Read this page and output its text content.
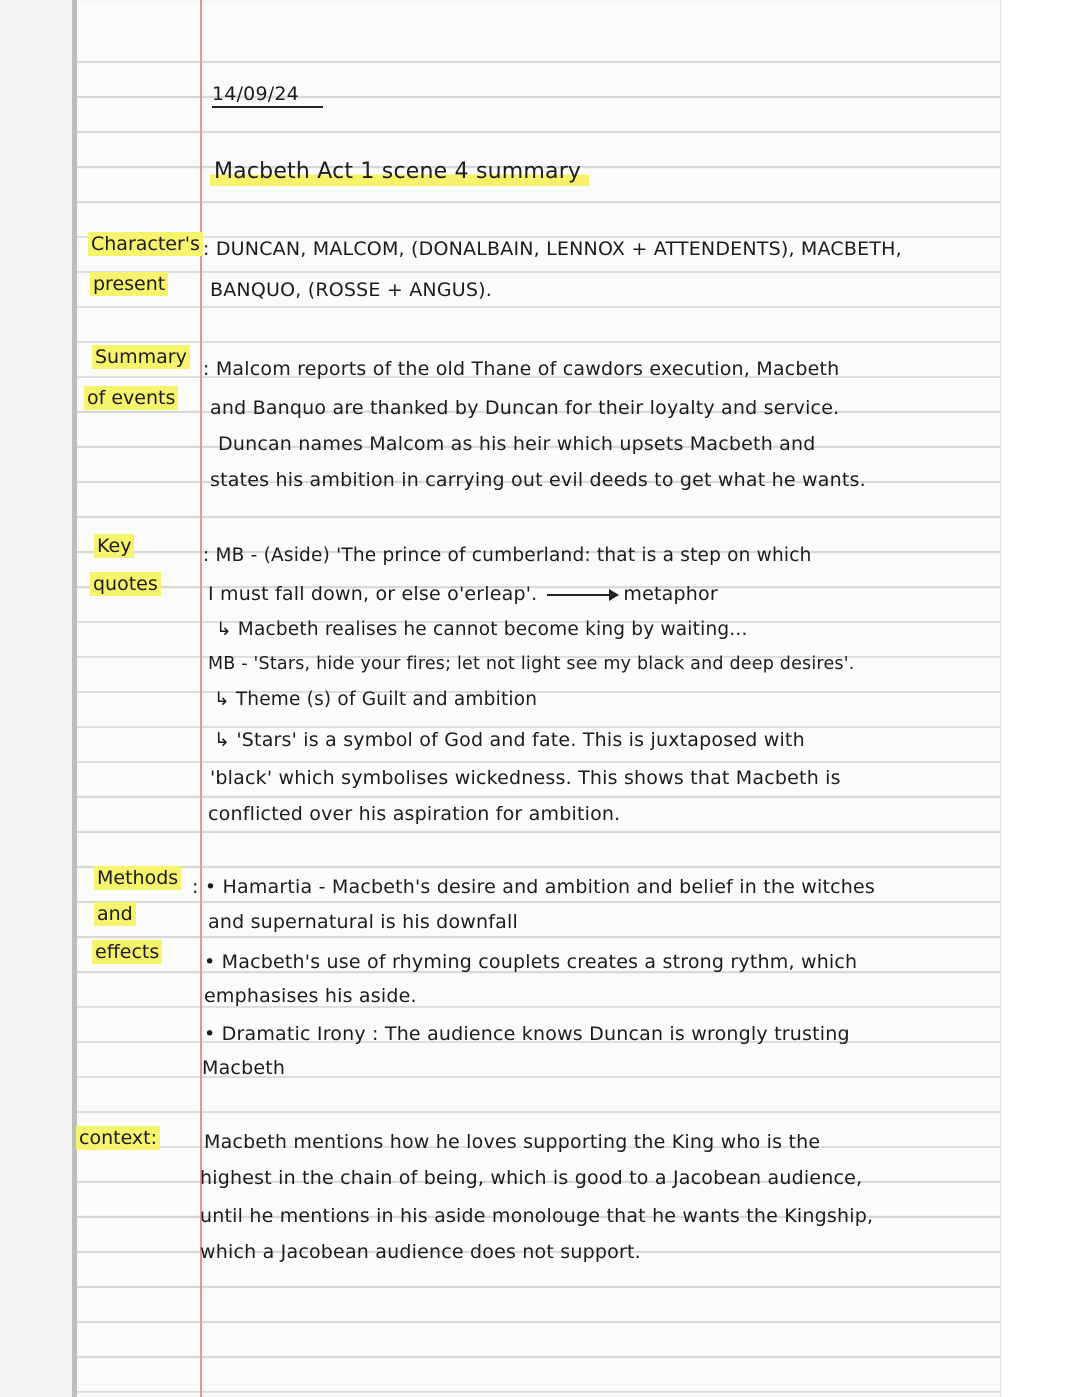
14/09/24
Macbeth Act 1 scene 4 summary
Character's
present
: DUNCAN, MALCOM, (DONALBAIN, LENNOX + ATTENDENTS), MACBETH,
BANQUO, (ROSSE + ANGUS).
Summary
of events
: Malcom reports of the old Thane of cawdors execution, Macbeth
and Banquo are thanked by Duncan for their loyalty and service.
Duncan names Malcom as his heir which upsets Macbeth and
states his ambition in carrying out evil deeds to get what he wants.
Key
quotes
: MB - (Aside) 'The prince of cumberland: that is a step on which
I must fall down, or else o'erleap'.	metaphor
↳ Macbeth realises he cannot become king by waiting...
MB - 'Stars, hide your fires; let not light see my black and deep desires'.
↳ Theme (s) of Guilt and ambition
↳ 'Stars' is a symbol of God and fate. This is juxtaposed with
'black' which symbolises wickedness. This shows that Macbeth is
conflicted over his aspiration for ambition.
Methods
and
effects
: • Hamartia - Macbeth's desire and ambition and belief in the witches
and supernatural is his downfall
• Macbeth's use of rhyming couplets creates a strong rythm, which
emphasises his aside.
• Dramatic Irony : The audience knows Duncan is wrongly trusting
Macbeth
context: Macbeth mentions how he loves supporting the King who is the
highest in the chain of being, which is good to a Jacobean audience,
until he mentions in his aside monolouge that he wants the Kingship,
which a Jacobean audience does not support.
